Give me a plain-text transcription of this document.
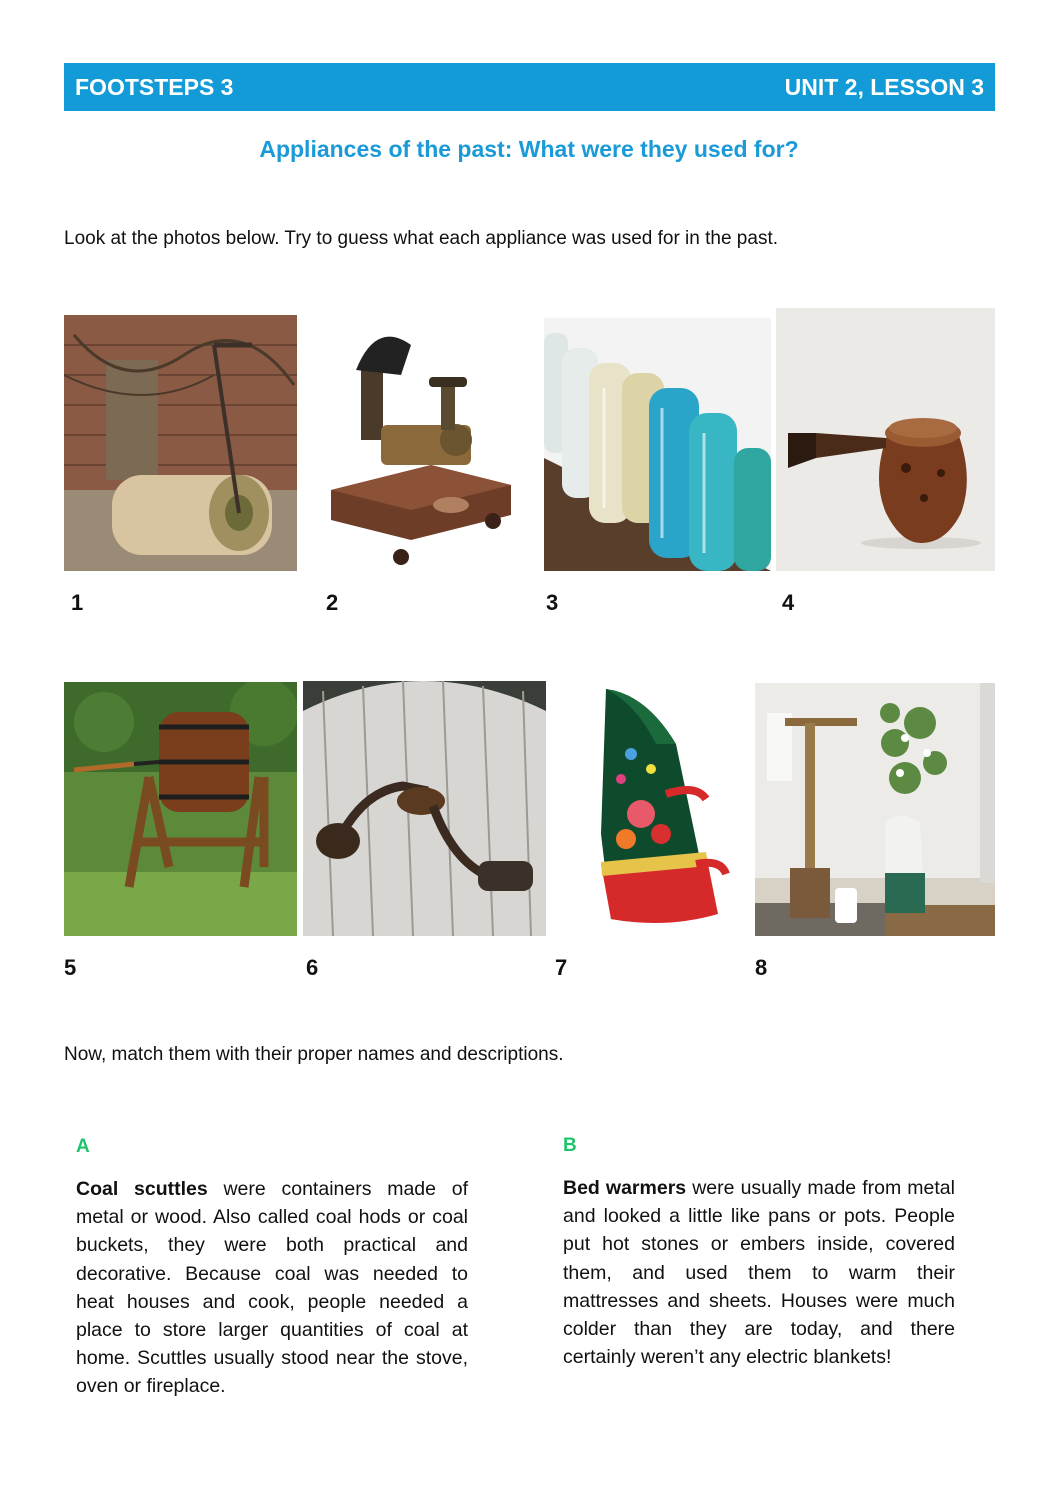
FOOTSTEPS 3	UNIT 2, LESSON 3
Appliances of the past: What were they used for?
Look at the photos below. Try to guess what each appliance was used for in the past.
1	2	3	4
5	6	7	8
Now, match them with their proper names and descriptions.
A
Coal scuttles were containers made of metal or wood. Also called coal hods or coal buckets, they were both practical and decorative. Because coal was needed to heat houses and cook, people needed a place to store larger quantities of coal at home. Scuttles usually stood near the stove, oven or fireplace.
B
Bed warmers were usually made from metal and looked a little like pans or pots. People put hot stones or embers inside, covered them, and used them to warm their mattresses and sheets. Houses were much colder than they are today, and there certainly weren’t any electric blankets!
